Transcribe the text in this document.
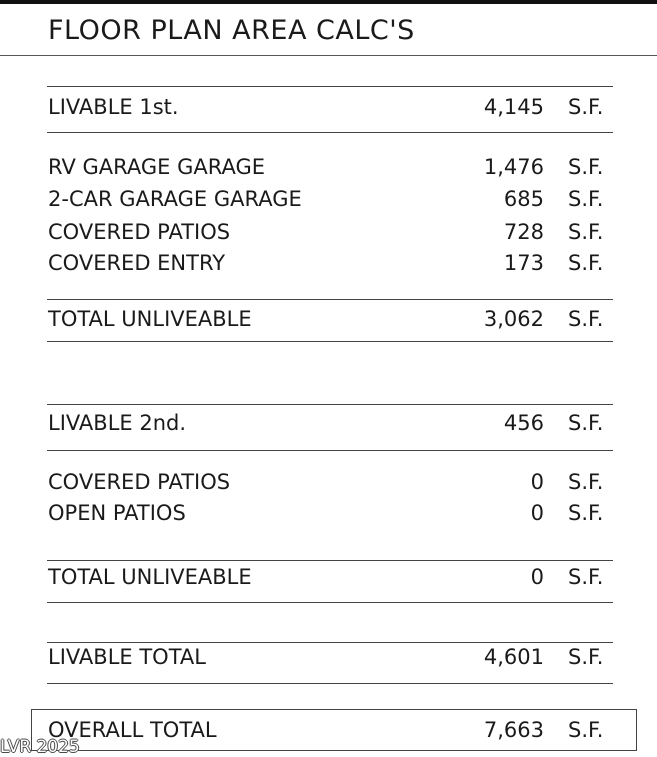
FLOOR PLAN AREA CALC'S
LIVABLE 1st.	4,145 S.F.
RV GARAGE GARAGE	1,476 S.F.
2-CAR GARAGE GARAGE	685 S.F.
COVERED PATIOS	728 S.F.
COVERED ENTRY	173 S.F.
TOTAL UNLIVEABLE	3,062 S.F.
LIVABLE 2nd.	456 S.F.
COVERED PATIOS	0 S.F.
OPEN PATIOS	0 S.F.
TOTAL UNLIVEABLE	0 S.F.
LIVABLE TOTAL	4,601 S.F.
OVERALL TOTAL	7,663 S.F.
LVR 2025
